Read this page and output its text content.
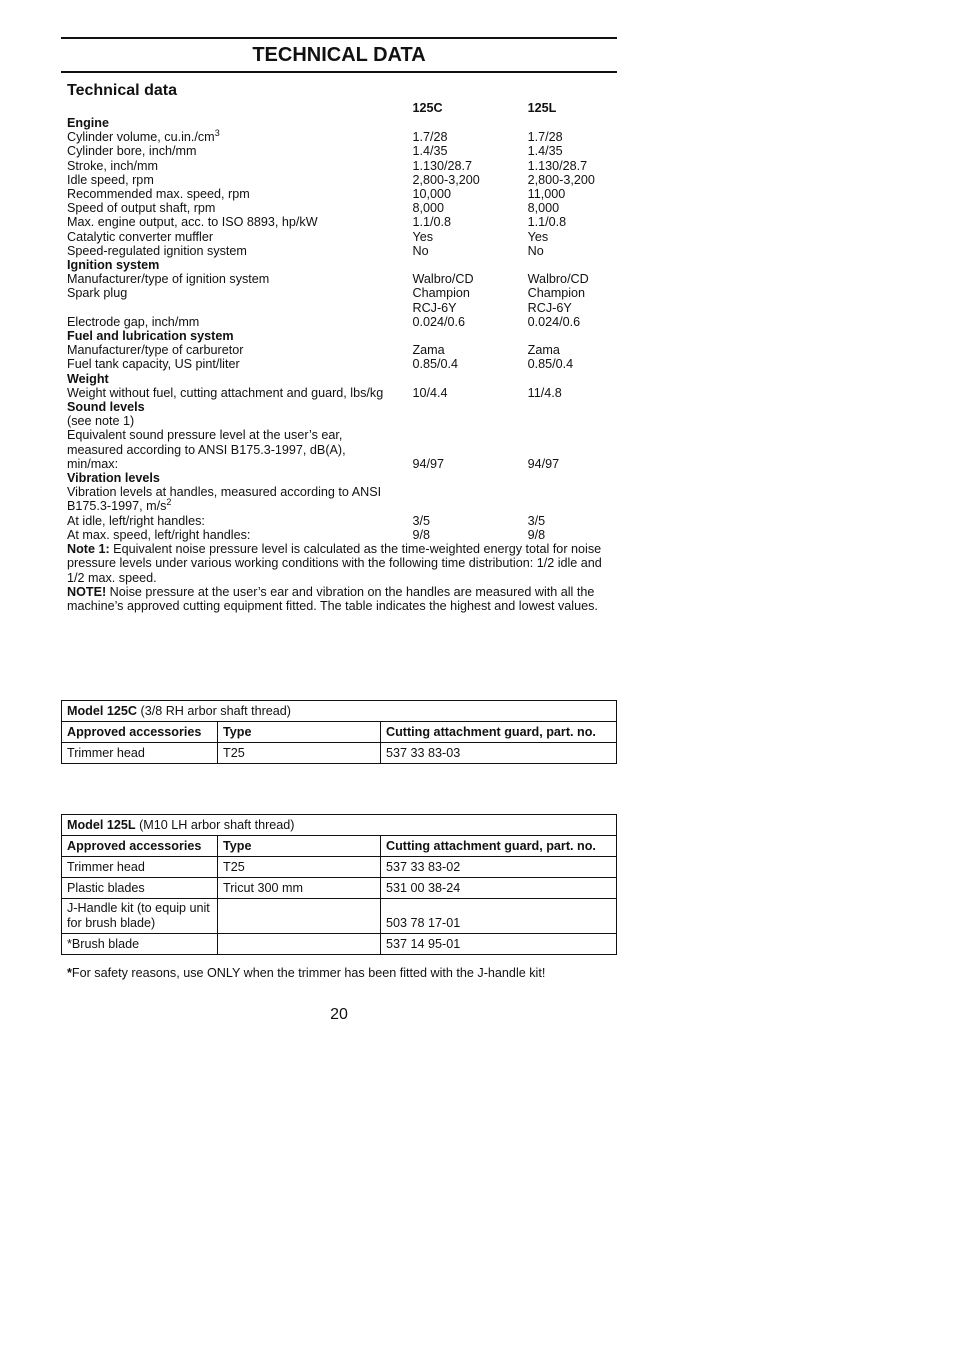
TECHNICAL DATA
Technical data
125C	125L
Engine
Cylinder volume, $cu.in./cm^3$	1.7/28	1.7/28
Cylinder bore, inch/mm	1.4/35	1.4/35
Stroke, inch/mm	1.130/28.7	1.130/28.7
Idle speed, rpm	2,800‑3,200	2,800‑3,200
Recommended max. speed, rpm	10,000	11,000
Speed of output shaft, rpm	8,000	8,000
Max. engine output, acc. to ISO 8893, hp/kW	1.1/0.8	1.1/0.8
Catalytic converter muffler	Yes	Yes
Speed‑regulated ignition system	No	No
Ignition system
Manufacturer/type of ignition system	Walbro/CD	Walbro/CD
Spark plug	Champion	Champion
RCJ‑6Y	RCJ‑6Y
Electrode gap, inch/mm	0.024/0.6	0.024/0.6
Fuel and lubrication system
Manufacturer/type of carburetor	Zama	Zama
Fuel tank capacity, US pint/liter	0.85/0.4	0.85/0.4
Weight
Weight without fuel, cutting attachment and guard, lbs/kg	10/4.4	11/4.8
Sound levels
(see note 1)
Equivalent sound pressure level at the user’s ear,
measured according to ANSI B175.3‑1997, dB(A),
min/max:	94/97	94/97
Vibration levels
Vibration levels at handles, measured according to ANSI
B175.3‑1997, $m/s^2$
At idle, left/right handles:	3/5	3/5
At max. speed, left/right handles:	9/8	9/8
Note 1: Equivalent noise pressure level is calculated as the time‑weighted energy total for noise pressure levels under various working conditions with the following time distribution: 1/2 idle and 1/2 max. speed.
NOTE! Noise pressure at the user’s ear and vibration on the handles are measured with all the machine’s approved cutting equipment fitted. The table indicates the highest and lowest values.
Model 125C (3/8 RH arbor shaft thread)		
Approved accessories	Type	Cutting attachment guard, part. no.
Trimmer head	T25	537 33 83‑03
Model 125L (M10 LH arbor shaft thread)		
Approved accessories	Type	Cutting attachment guard, part. no.
Trimmer head	T25	537 33 83‑02
Plastic blades	Tricut 300 mm	531 00 38‑24
J‑Handle kit (to equip unit for brush blade)		503 78 17‑01
*Brush blade		537 14 95‑01
*For safety reasons, use ONLY when the trimmer has been fitted with the J‑handle kit!
20
